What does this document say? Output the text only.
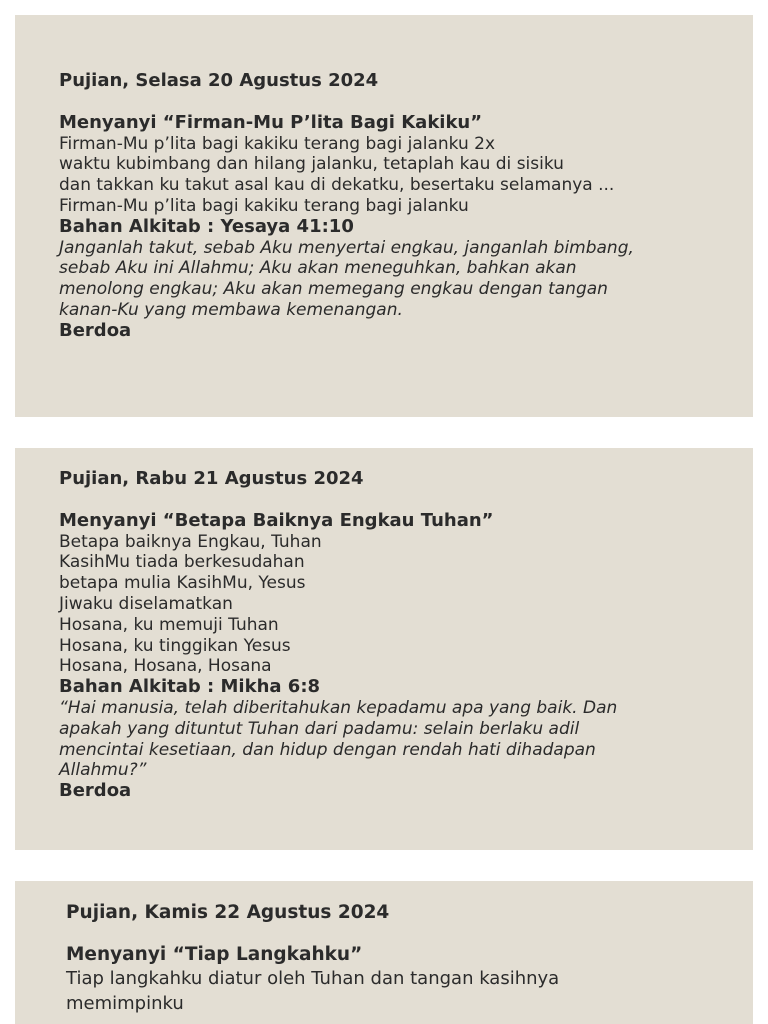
Pujian, Selasa 20 Agustus 2024
Menyanyi “Firman-Mu P’lita Bagi Kakiku”
Firman-Mu p’lita bagi kakiku terang bagi jalanku 2x
waktu kubimbang dan hilang jalanku, tetaplah kau di sisiku
dan takkan ku takut asal kau di dekatku, besertaku selamanya ...
Firman-Mu p’lita bagi kakiku terang bagi jalanku
Bahan Alkitab : Yesaya 41:10
Janganlah takut, sebab Aku menyertai engkau, janganlah bimbang,
sebab Aku ini Allahmu; Aku akan meneguhkan, bahkan akan
menolong engkau; Aku akan memegang engkau dengan tangan
kanan-Ku yang membawa kemenangan.
Berdoa
Pujian, Rabu 21 Agustus 2024
Menyanyi “Betapa Baiknya Engkau Tuhan”
Betapa baiknya Engkau, Tuhan
KasihMu tiada berkesudahan
betapa mulia KasihMu, Yesus
Jiwaku diselamatkan
Hosana, ku memuji Tuhan
Hosana, ku tinggikan Yesus
Hosana, Hosana, Hosana
Bahan Alkitab : Mikha 6:8
“Hai manusia, telah diberitahukan kepadamu apa yang baik. Dan
apakah yang dituntut Tuhan dari padamu: selain berlaku adil
mencintai kesetiaan, dan hidup dengan rendah hati dihadapan
Allahmu?”
Berdoa
Pujian, Kamis 22 Agustus 2024
Menyanyi “Tiap Langkahku”
Tiap langkahku diatur oleh Tuhan dan tangan kasihnya
memimpinku
